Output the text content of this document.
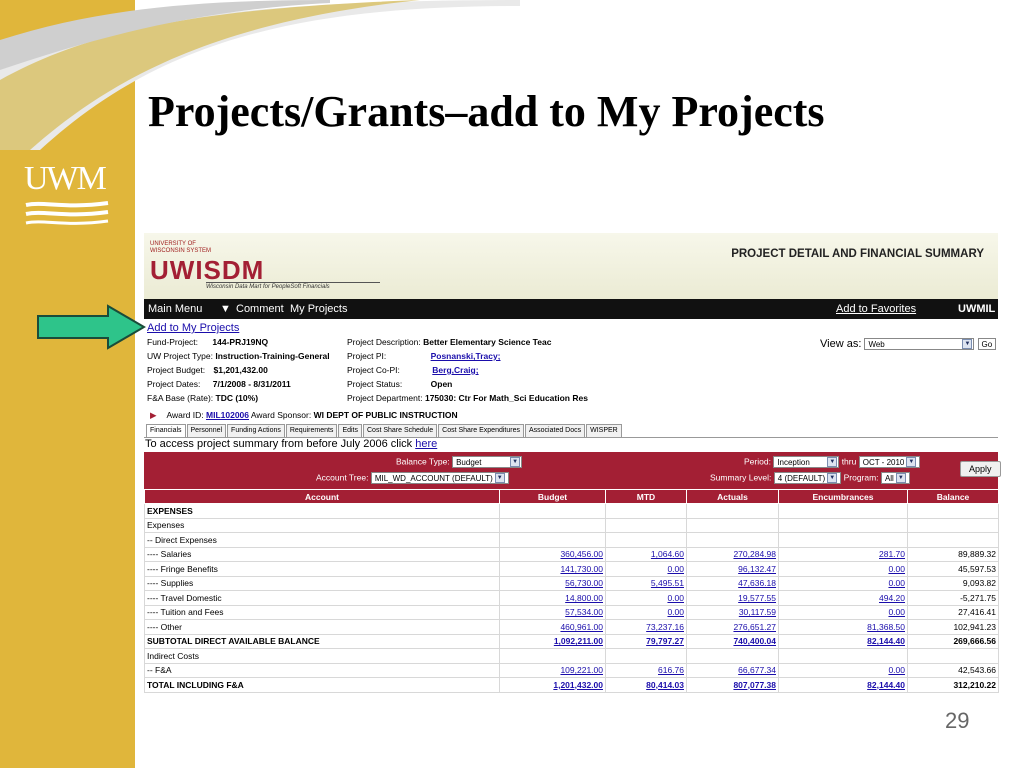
UWM
Projects/Grants–add to My Projects
UNIVERSITY OF WISCONSIN SYSTEM
UWISDM
Wisconsin Data Mart for PeopleSoft Financials
PROJECT DETAIL AND FINANCIAL SUMMARY
Main Menu ▼ Comment My Projects	Add to Favorites	UWMIL
Add to My Projects
Fund-Project: 144-PRJ19NQ
UW Project Type: Instruction-Training-General
Project Budget: $1,201,432.00
Project Dates: 7/1/2008 - 8/31/2011
F&A Base (Rate): TDC (10%)
Project Description: Better Elementary Science Teac
Project PI:	Posnanski,Tracy;
Project Co-PI:	Berg,Craig;
Project Status:	Open
Project Department: 175030: Ctr For Math_Sci Education Res
View as: Web	▼ Go
▶ Award ID: MIL102006 Award Sponsor: WI DEPT OF PUBLIC INSTRUCTION
Financials	Personnel	Funding Actions	Requirements	Edits	Cost Share Schedule	Cost Share Expenditures	Associated Docs	WISPER
To access project summary from before July 2006 click here
Balance Type: Budget	▼
Account Tree: MIL_WD_ACCOUNT (DEFAULT) ▼
Period: Inception	▼ thru OCT - 2010 ▼
Summary Level: 4 (DEFAULT) ▼ Program: All ▼
Apply
Account	Budget	MTD	Actuals	Encumbrances	Balance
EXPENSES					
Expenses					
-- Direct Expenses					
---- Salaries	360,456.00	1,064.60	270,284.98	281.70	89,889.32
---- Fringe Benefits	141,730.00	0.00	96,132.47	0.00	45,597.53
---- Supplies	56,730.00	5,495.51	47,636.18	0.00	9,093.82
---- Travel Domestic	14,800.00	0.00	19,577.55	494.20	-5,271.75
---- Tuition and Fees	57,534.00	0.00	30,117.59	0.00	27,416.41
---- Other	460,961.00	73,237.16	276,651.27	81,368.50	102,941.23
SUBTOTAL DIRECT AVAILABLE BALANCE	1,092,211.00	79,797.27	740,400.04	82,144.40	269,666.56
Indirect Costs					
-- F&A	109,221.00	616.76	66,677.34	0.00	42,543.66
TOTAL INCLUDING F&A	1,201,432.00	80,414.03	807,077.38	82,144.40	312,210.22
29
